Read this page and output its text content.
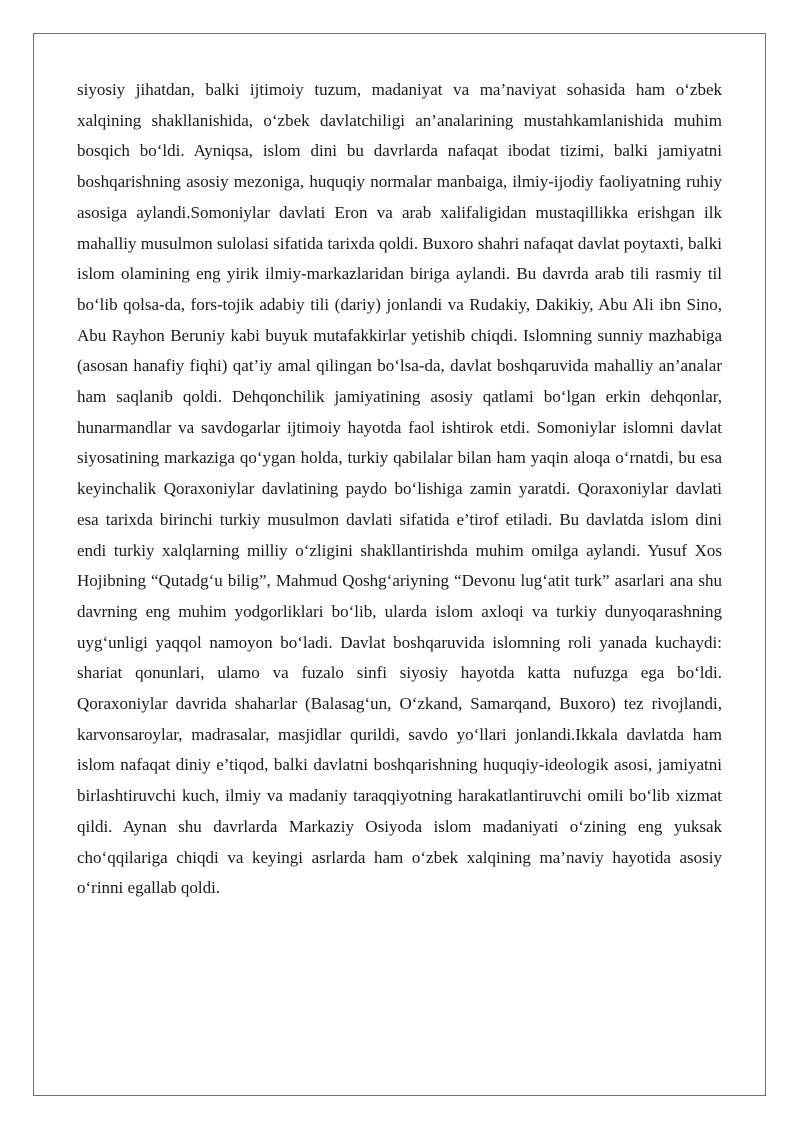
siyosiy jihatdan, balki ijtimoiy tuzum, madaniyat va ma’naviyat sohasida ham o‘zbek xalqining shakllanishida, o‘zbek davlatchiligi an’analarining mustahkamlanishida muhim bosqich bo‘ldi. Ayniqsa, islom dini bu davrlarda nafaqat ibodat tizimi, balki jamiyatni boshqarishning asosiy mezoniga, huquqiy normalar manbaiga, ilmiy-ijodiy faoliyatning ruhiy asosiga aylandi.Somoniylar davlati Eron va arab xalifaligidan mustaqillikka erishgan ilk mahalliy musulmon sulolasi sifatida tarixda qoldi. Buxoro shahri nafaqat davlat poytaxti, balki islom olamining eng yirik ilmiy-markazlaridan biriga aylandi. Bu davrda arab tili rasmiy til bo‘lib qolsa-da, fors-tojik adabiy tili (dariy) jonlandi va Rudakiy, Dakikiy, Abu Ali ibn Sino, Abu Rayhon Beruniy kabi buyuk mutafakkirlar yetishib chiqdi. Islomning sunniy mazhabiga (asosan hanafiy fiqhi) qat’iy amal qilingan bo‘lsa-da, davlat boshqaruvida mahalliy an’analar ham saqlanib qoldi. Dehqonchilik jamiyatining asosiy qatlami bo‘lgan erkin dehqonlar, hunarmandlar va savdogarlar ijtimoiy hayotda faol ishtirok etdi. Somoniylar islomni davlat siyosatining markaziga qo‘ygan holda, turkiy qabilalar bilan ham yaqin aloqa o‘rnatdi, bu esa keyinchalik Qoraxoniylar davlatining paydo bo‘lishiga zamin yaratdi. Qoraxoniylar davlati esa tarixda birinchi turkiy musulmon davlati sifatida e’tirof etiladi. Bu davlatda islom dini endi turkiy xalqlarning milliy o‘zligini shakllantirishda muhim omilga aylandi. Yusuf Xos Hojibning “Qutadg‘u bilig”, Mahmud Qoshg‘ariyning “Devonu lug‘atit turk” asarlari ana shu davrning eng muhim yodgorliklari bo‘lib, ularda islom axloqi va turkiy dunyoqarashning uyg‘unligi yaqqol namoyon bo‘ladi. Davlat boshqaruvida islomning roli yanada kuchaydi: shariat qonunlari, ulamo va fuzalo sinfi siyosiy hayotda katta nufuzga ega bo‘ldi. Qoraxoniylar davrida shaharlar (Balasag‘un, O‘zkand, Samarqand, Buxoro) tez rivojlandi, karvonsaroylar, madrasalar, masjidlar qurildi, savdo yo‘llari jonlandi.Ikkala davlatda ham islom nafaqat diniy e’tiqod, balki davlatni boshqarishning huquqiy-ideologik asosi, jamiyatni birlashtiruvchi kuch, ilmiy va madaniy taraqqiyotning harakatlantiruvchi omili bo‘lib xizmat qildi. Aynan shu davrlarda Markaziy Osiyoda islom madaniyati o‘zining eng yuksak cho‘qqilariga chiqdi va keyingi asrlarda ham o‘zbek xalqining ma’naviy hayotida asosiy o‘rinni egallab qoldi.
